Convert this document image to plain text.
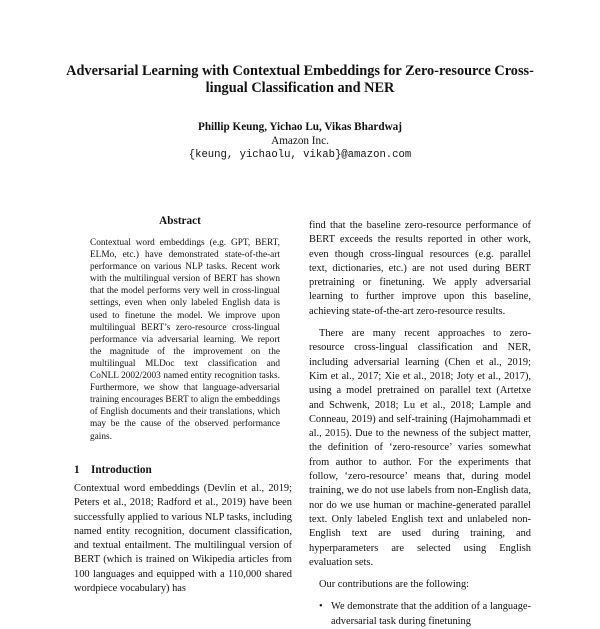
Adversarial Learning with Contextual Embeddings for Zero-resource Cross-lingual Classification and NER
Phillip Keung, Yichao Lu, Vikas Bhardwaj
Amazon Inc.
{keung, yichaolu, vikab}@amazon.com
Abstract
Contextual word embeddings (e.g. GPT, BERT, ELMo, etc.) have demonstrated state-of-the-art performance on various NLP tasks. Recent work with the multilingual version of BERT has shown that the model performs very well in cross-lingual settings, even when only labeled English data is used to finetune the model. We improve upon multilingual BERT’s zero-resource cross-lingual performance via adversarial learning. We report the magnitude of the improvement on the multilingual MLDoc text classification and CoNLL 2002/2003 named entity recognition tasks. Furthermore, we show that language-adversarial training encourages BERT to align the embeddings of English documents and their translations, which may be the cause of the observed performance gains.
1 Introduction

Contextual word embeddings (Devlin et al., 2019; Peters et al., 2018; Radford et al., 2019) have been successfully applied to various NLP tasks, including named entity recognition, document classification, and textual entailment. The multilingual version of BERT (which is trained on Wikipedia articles from 100 languages and equipped with a 110,000 shared wordpiece vocabulary) has

find that the baseline zero-resource performance of BERT exceeds the results reported in other work, even though cross-lingual resources (e.g. parallel text, dictionaries, etc.) are not used during BERT pretraining or finetuning. We apply adversarial learning to further improve upon this baseline, achieving state-of-the-art zero-resource results.

There are many recent approaches to zero-resource cross-lingual classification and NER, including adversarial learning (Chen et al., 2019; Kim et al., 2017; Xie et al., 2018; Joty et al., 2017), using a model pretrained on parallel text (Artetxe and Schwenk, 2018; Lu et al., 2018; Lample and Conneau, 2019) and self-training (Hajmohammadi et al., 2015). Due to the newness of the subject matter, the definition of ‘zero-resource’ varies somewhat from author to author. For the experiments that follow, ‘zero-resource’ means that, during model training, we do not use labels from non-English data, nor do we use human or machine-generated parallel text. Only labeled English text and unlabeled non-English text are used during training, and hyperparameters are selected using English evaluation sets.

Our contributions are the following:

• We demonstrate that the addition of a language-adversarial task during finetuning
